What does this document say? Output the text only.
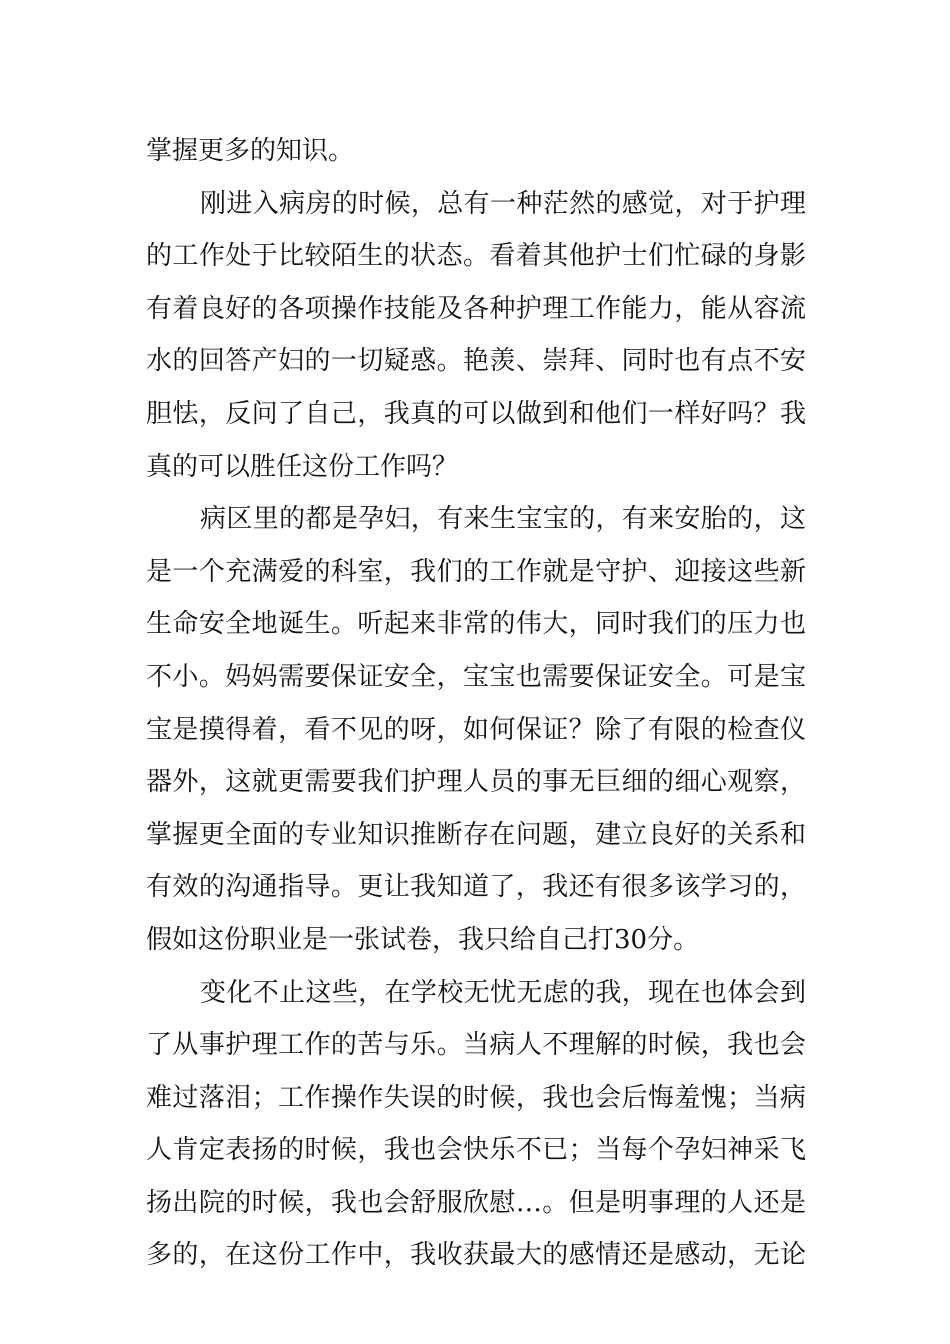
掌握更多的知识。
刚进入病房的时候，总有一种茫然的感觉，对于护理
的工作处于比较陌生的状态。看着其他护士们忙碌的身影
有着良好的各项操作技能及各种护理工作能力，能从容流
水的回答产妇的一切疑惑。艳羡、崇拜、同时也有点不安
胆怯，反问了自己，我真的可以做到和他们一样好吗？我
真的可以胜任这份工作吗？
病区里的都是孕妇，有来生宝宝的，有来安胎的，这
是一个充满爱的科室，我们的工作就是守护、迎接这些新
生命安全地诞生。听起来非常的伟大，同时我们的压力也
不小。妈妈需要保证安全，宝宝也需要保证安全。可是宝
宝是摸得着，看不见的呀，如何保证？除了有限的检查仪
器外，这就更需要我们护理人员的事无巨细的细心观察，
掌握更全面的专业知识推断存在问题，建立良好的关系和
有效的沟通指导。更让我知道了，我还有很多该学习的，
假如这份职业是一张试卷，我只给自己打30分。
变化不止这些，在学校无忧无虑的我，现在也体会到
了从事护理工作的苦与乐。当病人不理解的时候，我也会
难过落泪；工作操作失误的时候，我也会后悔羞愧；当病
人肯定表扬的时候，我也会快乐不已；当每个孕妇神采飞
扬出院的时候，我也会舒服欣慰…。但是明事理的人还是
多的，在这份工作中，我收获最大的感情还是感动，无论
